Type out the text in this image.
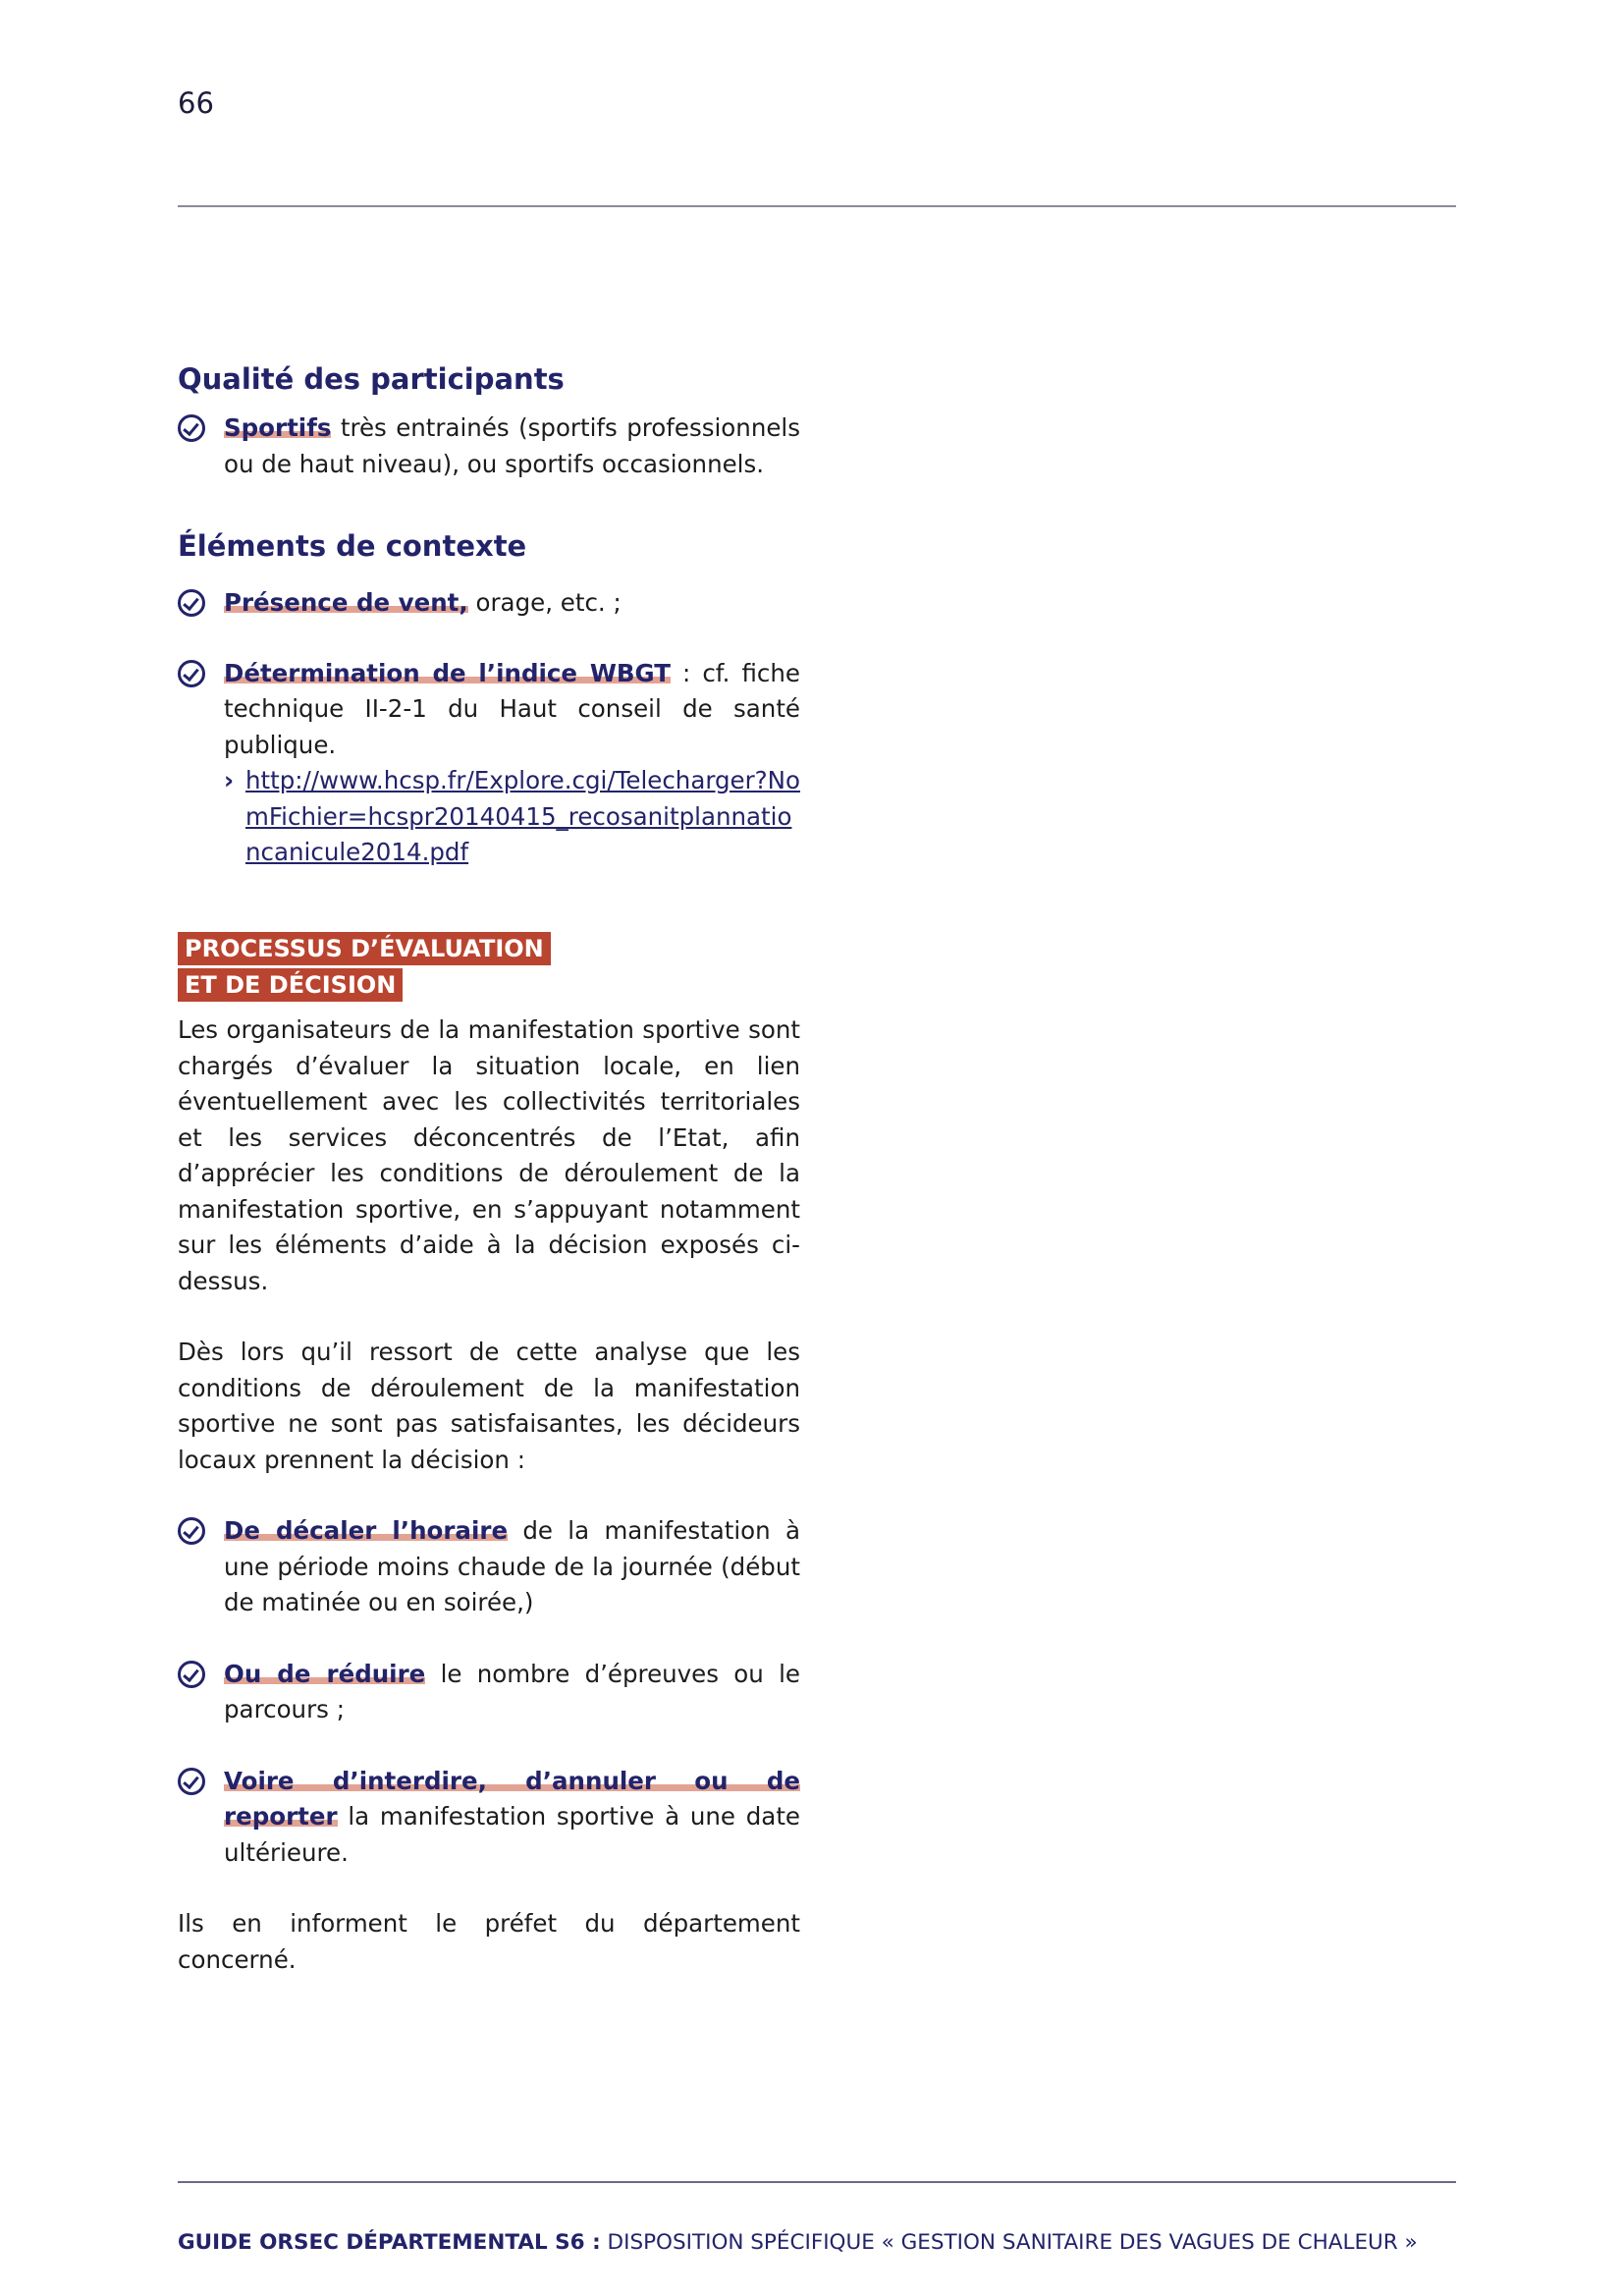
66
Qualité des participants
Sportifs très entrainés (sportifs professionnels ou de haut niveau), ou sportifs occasionnels.
Éléments de contexte
Présence de vent, orage, etc. ;
Détermination de l’indice WBGT : cf. fiche technique II-2-1 du Haut conseil de santé publique.
› http://www.hcsp.fr/Explore.cgi/Telecharger?NomFichier=hcspr20140415_recosanitplannationcanicule2014.pdf
PROCESSUS D’ÉVALUATION
ET DE DÉCISION

Les organisateurs de la manifestation sportive sont chargés d’évaluer la situation locale, en lien éventuellement avec les collectivités territoriales et les services déconcentrés de l’Etat, afin d’apprécier les conditions de déroulement de la manifestation sportive, en s’appuyant notamment sur les éléments d’aide à la décision exposés ci-dessus.

Dès lors qu’il ressort de cette analyse que les conditions de déroulement de la manifestation sportive ne sont pas satisfaisantes, les décideurs locaux prennent la décision :

De décaler l’horaire de la manifestation à une période moins chaude de la journée (début de matinée ou en soirée,)
Ou de réduire le nombre d’épreuves ou le parcours ;
Voire d’interdire, d’annuler ou de reporter la manifestation sportive à une date ultérieure.

Ils en informent le préfet du département concerné.

GUIDE ORSEC DÉPARTEMENTAL S6 : DISPOSITION SPÉCIFIQUE « GESTION SANITAIRE DES VAGUES DE CHALEUR »
